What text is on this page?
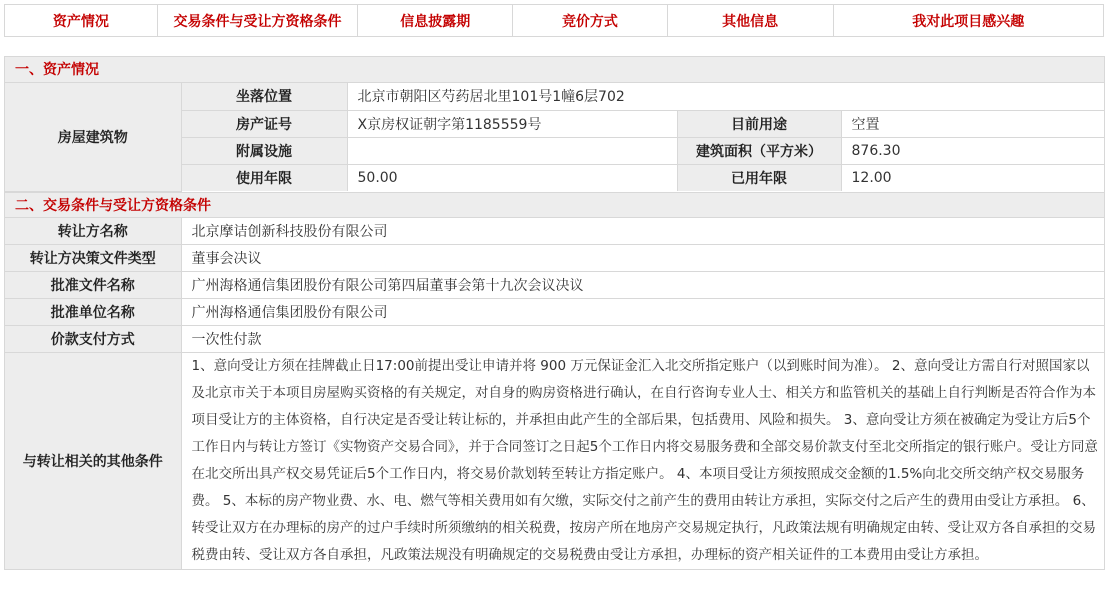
资产情况	交易条件与受让方资格条件	信息披露期	竞价方式	其他信息	我对此项目感兴趣
一、资产情况
房屋建筑物	坐落位置	北京市朝阳区芍药居北里101号1幢6层702		
	房产证号	X京房权证朝字第1185559号	目前用途	空置
	附属设施		建筑面积（平方米）	876.30
	使用年限	50.00	已用年限	12.00
二、交易条件与受让方资格条件
转让方名称	北京摩诘创新科技股份有限公司
转让方决策文件类型	董事会决议
批准文件名称	广州海格通信集团股份有限公司第四届董事会第十九次会议决议
批准单位名称	广州海格通信集团股份有限公司
价款支付方式	一次性付款
与转让相关的其他条件	1、意向受让方须在挂牌截止日17:00前提出受让申请并将 900 万元保证金汇入北交所指定账户（以到账时间为准）。 2、意向受让方需自行对照国家以及北京市关于本项目房屋购买资格的有关规定，对自身的购房资格进行确认，在自行咨询专业人士、相关方和监管机关的基础上自行判断是否符合作为本项目受让方的主体资格，自行决定是否受让转让标的，并承担由此产生的全部后果，包括费用、风险和损失。 3、意向受让方须在被确定为受让方后5个工作日内与转让方签订《实物资产交易合同》，并于合同签订之日起5个工作日内将交易服务费和全部交易价款支付至北交所指定的银行账户。受让方同意在北交所出具产权交易凭证后5个工作日内，将交易价款划转至转让方指定账户。 4、本项目受让方须按照成交金额的1.5%向北交所交纳产权交易服务费。 5、本标的房产物业费、水、电、燃气等相关费用如有欠缴，实际交付之前产生的费用由转让方承担，实际交付之后产生的费用由受让方承担。 6、转受让双方在办理标的房产的过户手续时所须缴纳的相关税费，按房产所在地房产交易规定执行，凡政策法规有明确规定由转、受让双方各自承担的交易税费由转、受让双方各自承担，凡政策法规没有明确规定的交易税费由受让方承担，办理标的资产相关证件的工本费用由受让方承担。
